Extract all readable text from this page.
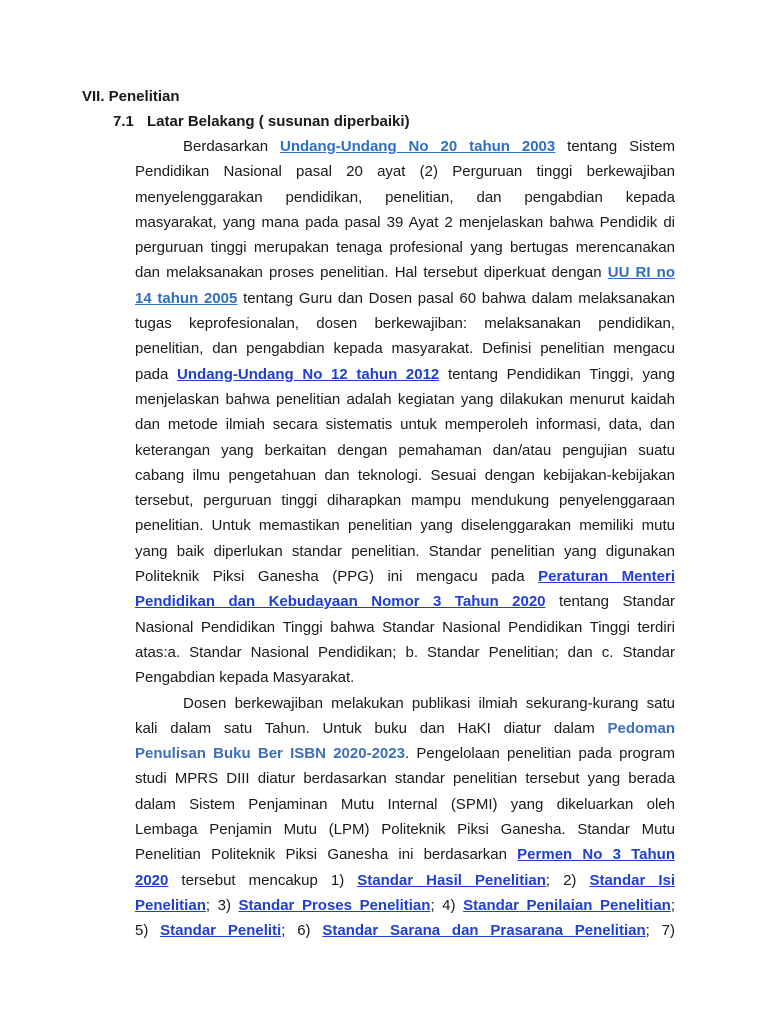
VII. Penelitian
7.1 Latar Belakang ( susunan diperbaiki)
Berdasarkan Undang-Undang No 20 tahun 2003 tentang Sistem
Pendidikan Nasional pasal 20 ayat (2) Perguruan tinggi berkewajiban
menyelenggarakan pendidikan, penelitian, dan pengabdian kepada
masyarakat, yang mana pada pasal 39 Ayat 2 menjelaskan bahwa Pendidik di
perguruan tinggi merupakan tenaga profesional yang bertugas merencanakan
dan melaksanakan proses penelitian. Hal tersebut diperkuat dengan UU RI no
14 tahun 2005 tentang Guru dan Dosen pasal 60 bahwa dalam melaksanakan
tugas keprofesionalan, dosen berkewajiban: melaksanakan pendidikan,
penelitian, dan pengabdian kepada masyarakat. Definisi penelitian mengacu
pada Undang-Undang No 12 tahun 2012 tentang Pendidikan Tinggi, yang
menjelaskan bahwa penelitian adalah kegiatan yang dilakukan menurut kaidah
dan metode ilmiah secara sistematis untuk memperoleh informasi, data, dan
keterangan yang berkaitan dengan pemahaman dan/atau pengujian suatu
cabang ilmu pengetahuan dan teknologi. Sesuai dengan kebijakan-kebijakan
tersebut, perguruan tinggi diharapkan mampu mendukung penyelenggaraan
penelitian. Untuk memastikan penelitian yang diselenggarakan memiliki mutu
yang baik diperlukan standar penelitian. Standar penelitian yang digunakan
Politeknik Piksi Ganesha (PPG) ini mengacu pada Peraturan Menteri
Pendidikan dan Kebudayaan Nomor 3 Tahun 2020 tentang Standar
Nasional Pendidikan Tinggi bahwa Standar Nasional Pendidikan Tinggi terdiri
atas:a. Standar Nasional Pendidikan; b. Standar Penelitian; dan c. Standar
Pengabdian kepada Masyarakat.
Dosen berkewajiban melakukan publikasi ilmiah sekurang-kurang satu
kali dalam satu Tahun. Untuk buku dan HaKI diatur dalam Pedoman
Penulisan Buku Ber ISBN 2020-2023. Pengelolaan penelitian pada program
studi MPRS DIII diatur berdasarkan standar penelitian tersebut yang berada
dalam Sistem Penjaminan Mutu Internal (SPMI) yang dikeluarkan oleh
Lembaga Penjamin Mutu (LPM) Politeknik Piksi Ganesha. Standar Mutu
Penelitian Politeknik Piksi Ganesha ini berdasarkan Permen No 3 Tahun
2020 tersebut mencakup 1) Standar Hasil Penelitian; 2) Standar Isi
Penelitian; 3) Standar Proses Penelitian; 4) Standar Penilaian Penelitian;
5) Standar Peneliti; 6) Standar Sarana dan Prasarana Penelitian; 7)
